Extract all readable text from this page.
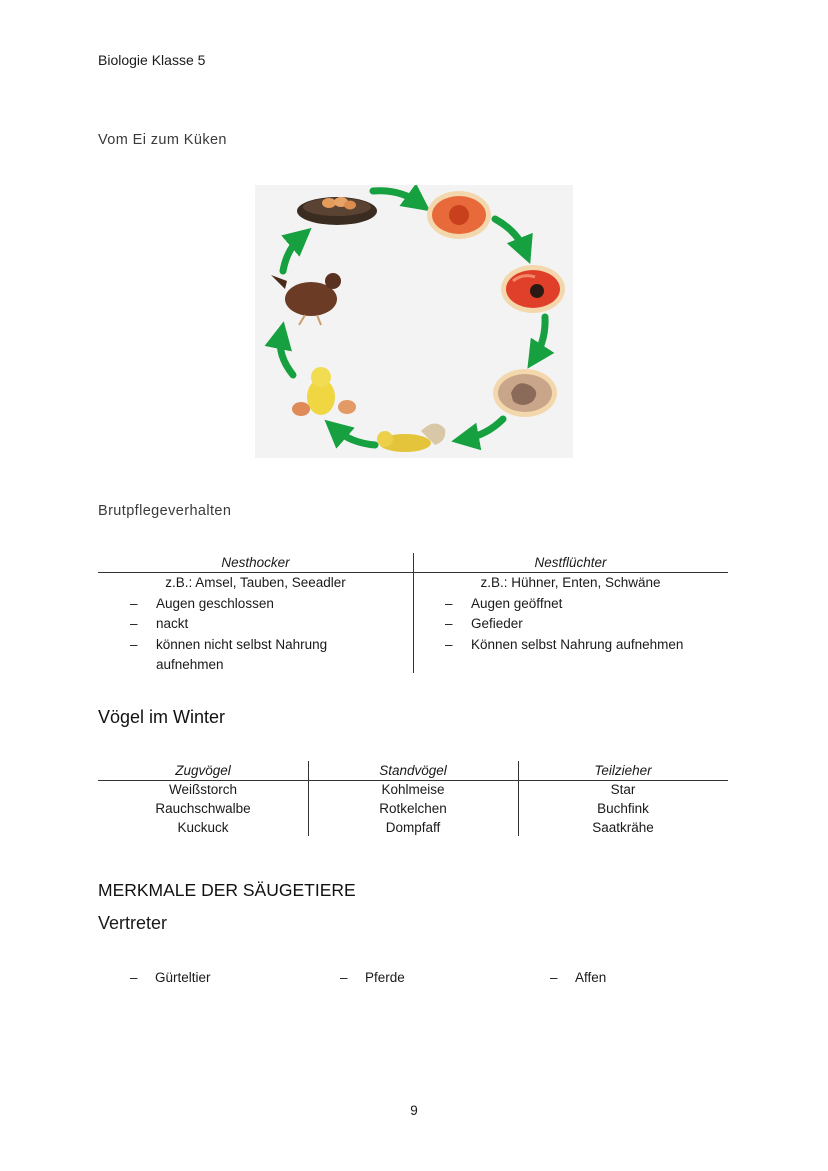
Biologie Klasse 5
Vom Ei zum Küken
Brutpflegeverhalten
Nesthocker
z.B.: Amsel, Tauben, Seeadler
– Augen geschlossen
– nackt
– können nicht selbst Nahrung aufnehmen
Nestflüchter
z.B.: Hühner, Enten, Schwäne
– Augen geöffnet
– Gefieder
– Können selbst Nahrung aufnehmen
Vögel im Winter
Zugvögel
Weißstorch
Rauchschwalbe
Kuckuck
Standvögel
Kohlmeise
Rotkelchen
Dompfaff
Teilzieher
Star
Buchfink
Saatkrähe
MERKMALE DER SÄUGETIERE
Vertreter
– Gürteltier	– Pferde	– Affen
9
